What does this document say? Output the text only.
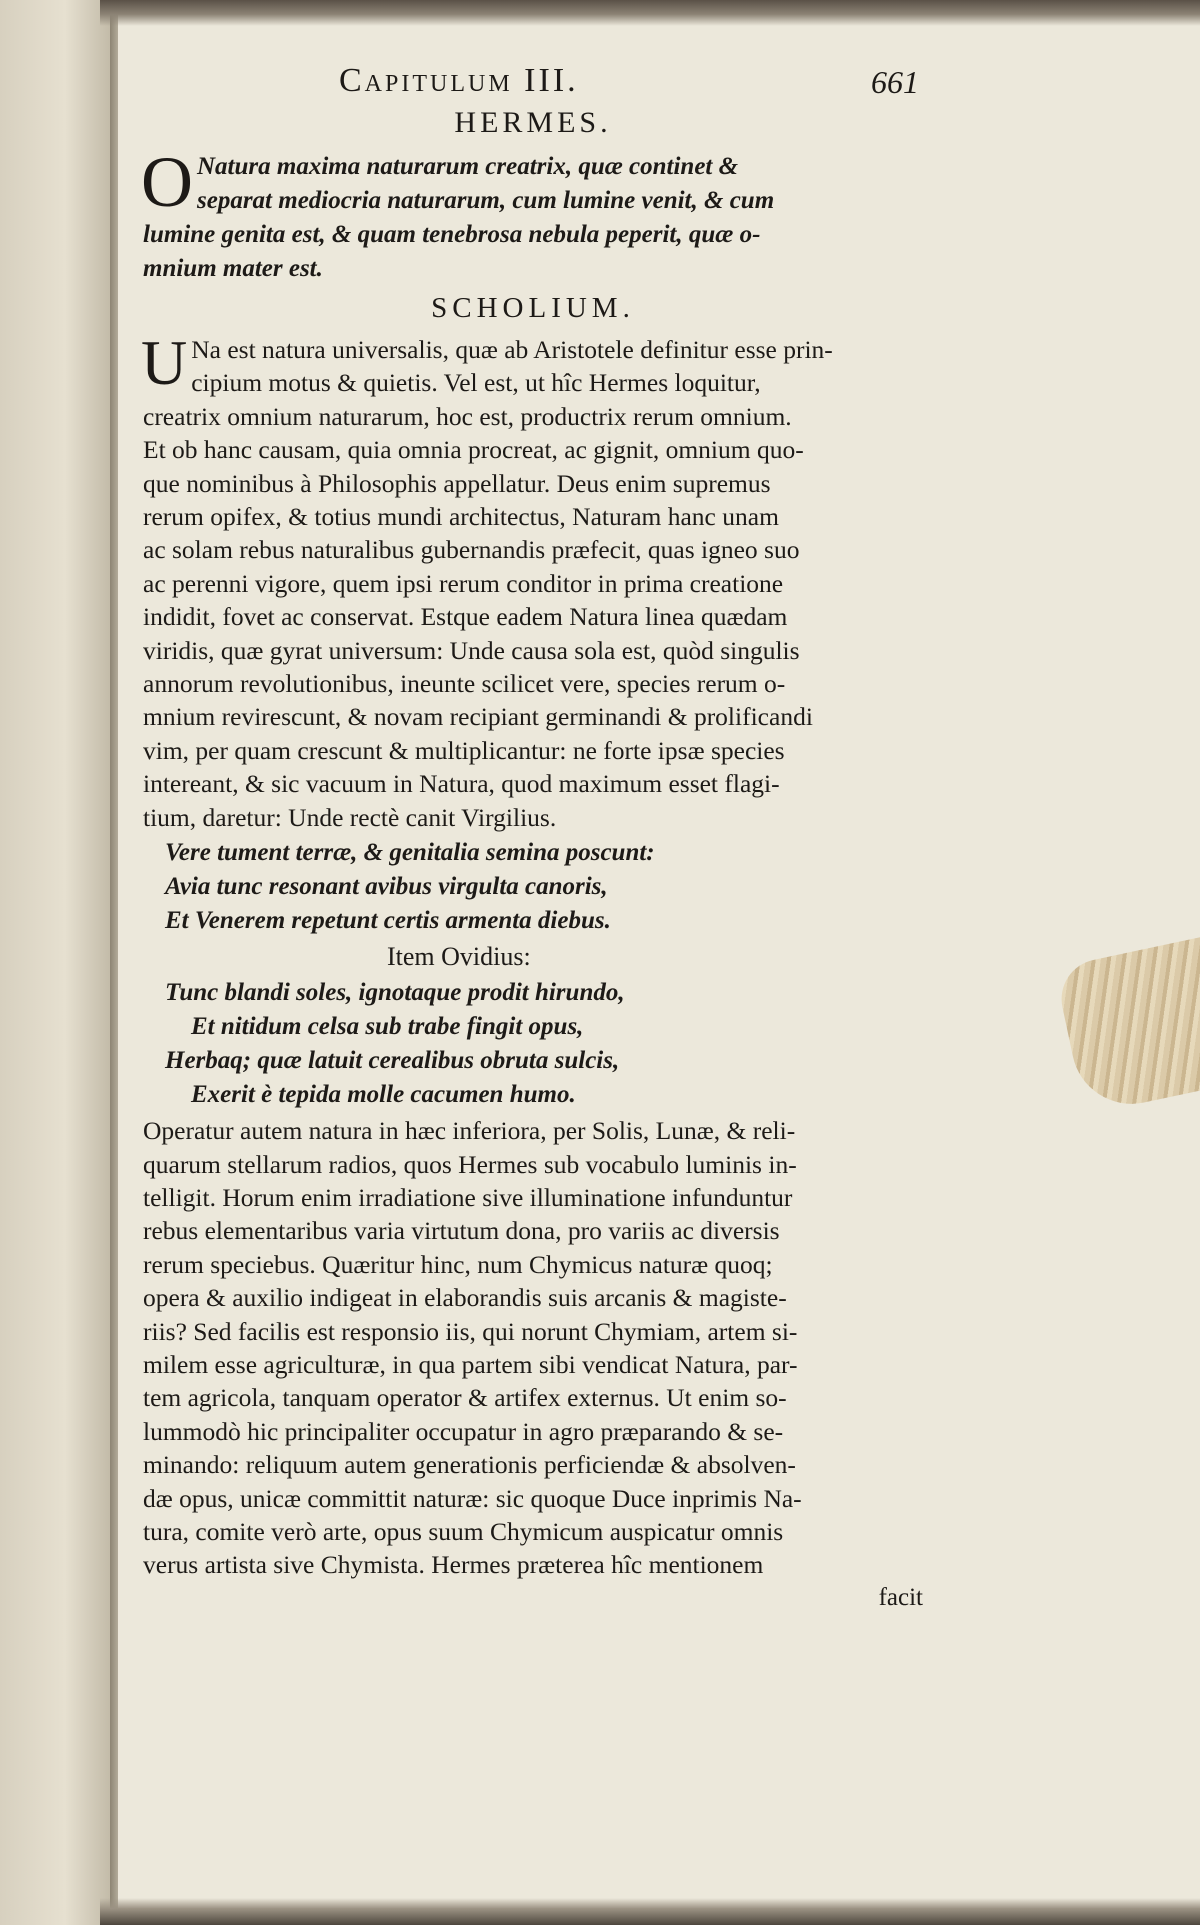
Capitulum III.	661
HERMES.
O Natura maxima naturarum creatrix, quæ continet &
separat mediocria naturarum, cum lumine venit, & cum
lumine genita est, & quam tenebrosa nebula peperit, quæ o-
mnium mater est.
SCHOLIUM.
U Na est natura universalis, quæ ab Aristotele definitur esse prin-
cipium motus & quietis. Vel est, ut hîc Hermes loquitur,
creatrix omnium naturarum, hoc est, productrix rerum omnium.
Et ob hanc causam, quia omnia procreat, ac gignit, omnium quo-
que nominibus à Philosophis appellatur. Deus enim supremus
rerum opifex, & totius mundi architectus, Naturam hanc unam
ac solam rebus naturalibus gubernandis præfecit, quas igneo suo
ac perenni vigore, quem ipsi rerum conditor in prima creatione
indidit, fovet ac conservat. Estque eadem Natura linea quædam
viridis, quæ gyrat universum: Unde causa sola est, quòd singulis
annorum revolutionibus, ineunte scilicet vere, species rerum o-
mnium revirescunt, & novam recipiant germinandi & prolificandi
vim, per quam crescunt & multiplicantur: ne forte ipsæ species
intereant, & sic vacuum in Natura, quod maximum esset flagi-
tium, daretur: Unde rectè canit Virgilius.
Vere tument terræ, & genitalia semina poscunt:
Avia tunc resonant avibus virgulta canoris,
Et Venerem repetunt certis armenta diebus.
Item Ovidius:
Tunc blandi soles, ignotaque prodit hirundo,
Et nitidum celsa sub trabe fingit opus,
Herbaq; quæ latuit cerealibus obruta sulcis,
Exerit è tepida molle cacumen humo.
Operatur autem natura in hæc inferiora, per Solis, Lunæ, & reli-
quarum stellarum radios, quos Hermes sub vocabulo luminis in-
telligit. Horum enim irradiatione sive illuminatione infunduntur
rebus elementaribus varia virtutum dona, pro variis ac diversis
rerum speciebus. Quæritur hinc, num Chymicus naturæ quoq;
opera & auxilio indigeat in elaborandis suis arcanis & magiste-
riis? Sed facilis est responsio iis, qui norunt Chymiam, artem si-
milem esse agriculturæ, in qua partem sibi vendicat Natura, par-
tem agricola, tanquam operator & artifex externus. Ut enim so-
lummodò hic principaliter occupatur in agro præparando & se-
minando: reliquum autem generationis perficiendæ & absolven-
dæ opus, unicæ committit naturæ: sic quoque Duce inprimis Na-
tura, comite verò arte, opus suum Chymicum auspicatur omnis
verus artista sive Chymista. Hermes præterea hîc mentionem
facit
